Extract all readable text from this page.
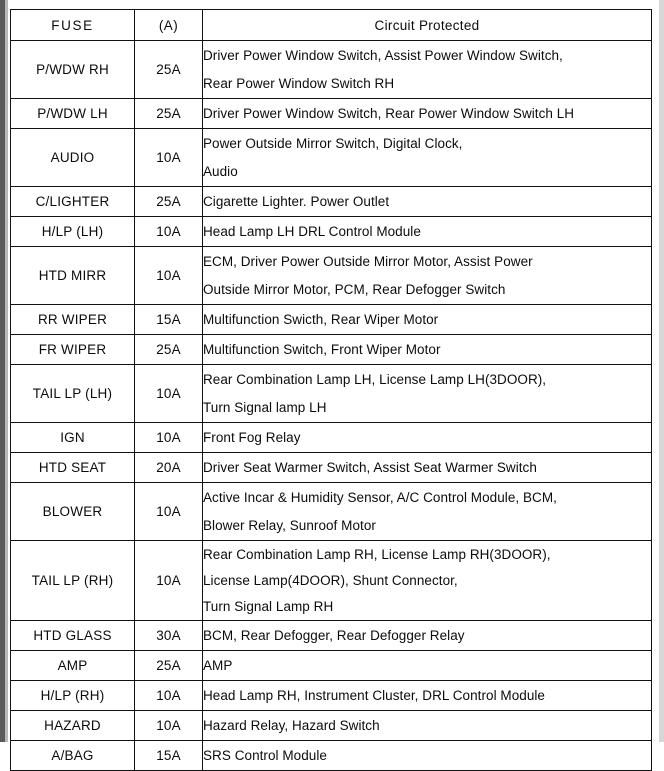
FUSE	(A)	Circuit Protected
P/WDW RH	25A	Driver Power Window Switch, Assist Power Window Switch,
Rear Power Window Switch RH

P/WDW LH	25A	Driver Power Window Switch, Rear Power Window Switch LH

AUDIO	10A	Power Outside Mirror Switch, Digital Clock,
Audio

C/LIGHTER	25A	Cigarette Lighter. Power Outlet

H/LP (LH)	10A	Head Lamp LH DRL Control Module

HTD MIRR	10A	ECM, Driver Power Outside Mirror Motor, Assist Power
Outside Mirror Motor, PCM, Rear Defogger Switch

RR WIPER	15A	Multifunction Swicth, Rear Wiper Motor

FR WIPER	25A	Multifunction Switch, Front Wiper Motor

TAIL LP (LH)	10A	Rear Combination Lamp LH, License Lamp LH(3DOOR),
Turn Signal lamp LH

IGN	10A	Front Fog Relay

HTD SEAT	20A	Driver Seat Warmer Switch, Assist Seat Warmer Switch

BLOWER	10A	Active Incar & Humidity Sensor, A/C Control Module, BCM,
Blower Relay, Sunroof Motor

TAIL LP (RH)	10A	Rear Combination Lamp RH, License Lamp RH(3DOOR),
License Lamp(4DOOR), Shunt Connector,
Turn Signal Lamp RH

HTD GLASS	30A	BCM, Rear Defogger, Rear Defogger Relay

AMP	25A	AMP

H/LP (RH)	10A	Head Lamp RH, Instrument Cluster, DRL Control Module

HAZARD	10A	Hazard Relay, Hazard Switch

A/BAG	15A	SRS Control Module
